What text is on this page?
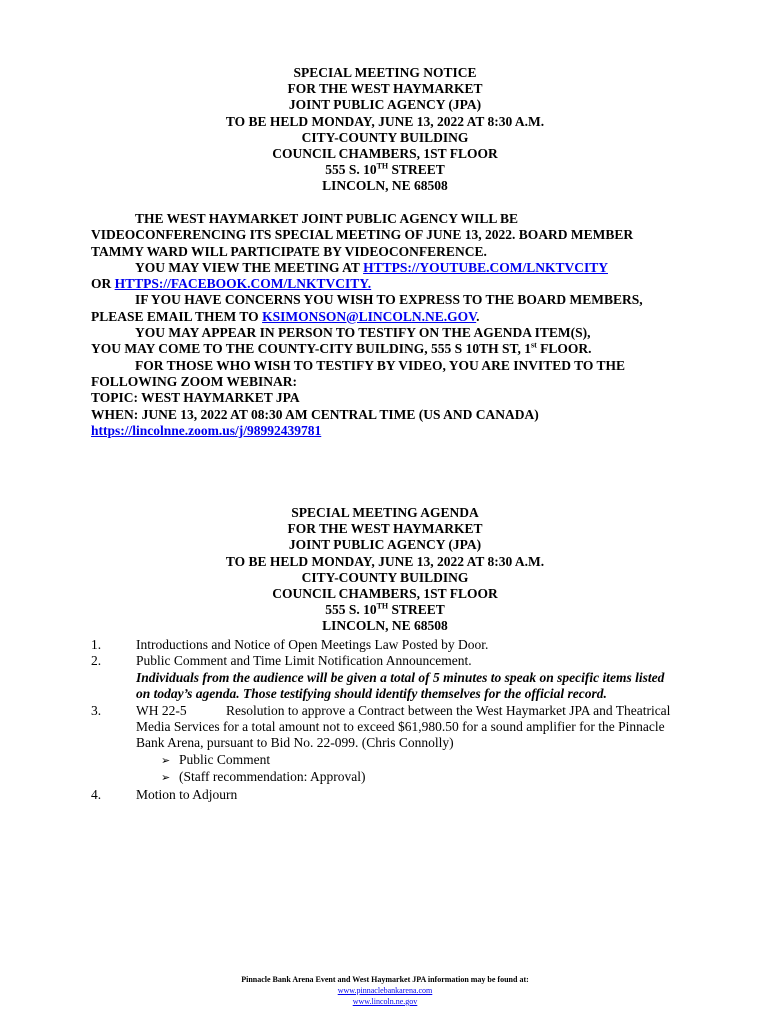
SPECIAL MEETING NOTICE
FOR THE WEST HAYMARKET
JOINT PUBLIC AGENCY (JPA)
TO BE HELD MONDAY, JUNE 13, 2022 AT 8:30 A.M.
CITY-COUNTY BUILDING
COUNCIL CHAMBERS, 1ST FLOOR
555 S. 10TH STREET
LINCOLN, NE 68508
THE WEST HAYMARKET JOINT PUBLIC AGENCY WILL BE
VIDEOCONFERENCING ITS SPECIAL MEETING OF JUNE 13, 2022. BOARD MEMBER
TAMMY WARD WILL PARTICIPATE BY VIDEOCONFERENCE.
YOU MAY VIEW THE MEETING AT HTTPS://YOUTUBE.COM/LNKTVCITY
OR HTTPS://FACEBOOK.COM/LNKTVCITY.
IF YOU HAVE CONCERNS YOU WISH TO EXPRESS TO THE BOARD MEMBERS,
PLEASE EMAIL THEM TO KSIMONSON@LINCOLN.NE.GOV.
YOU MAY APPEAR IN PERSON TO TESTIFY ON THE AGENDA ITEM(S),
YOU MAY COME TO THE COUNTY-CITY BUILDING, 555 S 10TH ST, 1st FLOOR.
FOR THOSE WHO WISH TO TESTIFY BY VIDEO, YOU ARE INVITED TO THE
FOLLOWING ZOOM WEBINAR:
TOPIC: WEST HAYMARKET JPA
WHEN: JUNE 13, 2022 AT 08:30 AM CENTRAL TIME (US AND CANADA)
https://lincolnne.zoom.us/j/98992439781
SPECIAL MEETING AGENDA
FOR THE WEST HAYMARKET
JOINT PUBLIC AGENCY (JPA)
TO BE HELD MONDAY, JUNE 13, 2022 AT 8:30 A.M.
CITY-COUNTY BUILDING
COUNCIL CHAMBERS, 1ST FLOOR
555 S. 10TH STREET
LINCOLN, NE 68508
1.	Introductions and Notice of Open Meetings Law Posted by Door.
2.	Public Comment and Time Limit Notification Announcement.
Individuals from the audience will be given a total of 5 minutes to speak on specific items listed
on today’s agenda. Those testifying should identify themselves for the official record.
3.	WH 22-5	Resolution to approve a Contract between the West Haymarket JPA and Theatrical
Media Services for a total amount not to exceed $61,980.50 for a sound amplifier for the Pinnacle
Bank Arena, pursuant to Bid No. 22-099. (Chris Connolly)
➢ Public Comment
➢ (Staff recommendation: Approval)
4.	Motion to Adjourn
Pinnacle Bank Arena Event and West Haymarket JPA information may be found at:
www.pinnaclebankarena.com
www.lincoln.ne.gov
